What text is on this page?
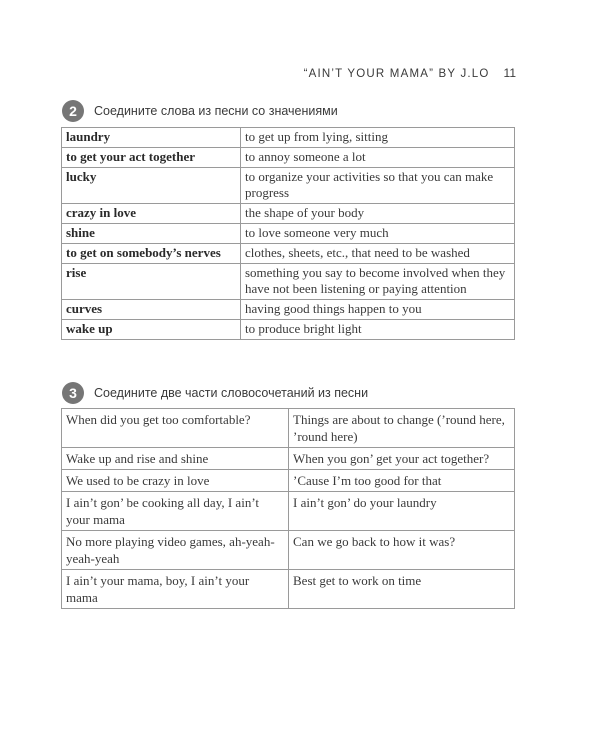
“AIN’T YOUR MAMA” BY J.LO 11
2	Соедините слова из песни со значениями
laundry	to get up from lying, sitting
to get your act together	to annoy someone a lot
lucky	to organize your activities so that you can make progress
crazy in love	the shape of your body
shine	to love someone very much
to get on somebody’s nerves	clothes, sheets, etc., that need to be washed
rise	something you say to become involved when they have not been listening or paying attention
curves	having good things happen to you
wake up	to produce bright light
3	Соедините две части словосочетаний из песни
When did you get too comfortable?	Things are about to change (’round here, ’round here)
Wake up and rise and shine	When you gon’ get your act together?
We used to be crazy in love	’Cause I’m too good for that
I ain’t gon’ be cooking all day, I ain’t your mama	I ain’t gon’ do your laundry
No more playing video games, ah-yeah-yeah-yeah	Can we go back to how it was?
I ain’t your mama, boy, I ain’t your mama	Best get to work on time
